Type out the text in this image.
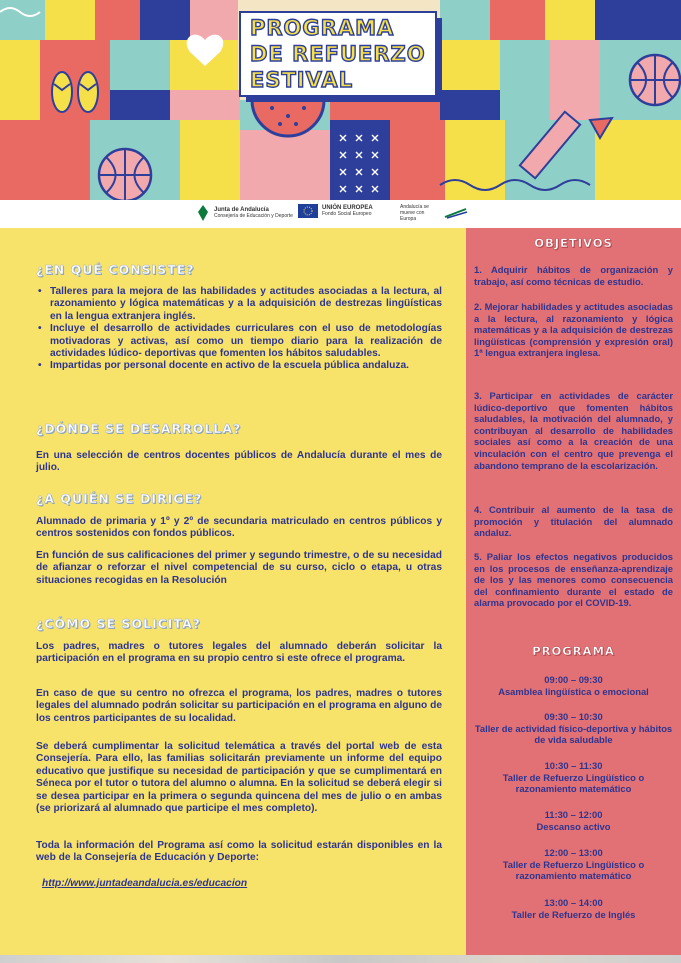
PROGRAMA
DE REFUERZO
ESTIVAL
Junta de Andalucía
Consejería de Educación y Deporte
UNIÓN EUROPEA
Fondo Social Europeo
Andalucía se mueve con Europa
¿EN QUÉ CONSISTE?
• Talleres para la mejora de las habilidades y actitudes asociadas a la lectura, al razonamiento y lógica matemáticas y a la adquisición de destrezas lingüísticas en la lengua extranjera inglés.
• Incluye el desarrollo de actividades curriculares con el uso de metodologías motivadoras y activas, así como un tiempo diario para la realización de actividades lúdico- deportivas que fomenten los hábitos saludables.
• Impartidas por personal docente en activo de la escuela pública andaluza.
¿DÓNDE SE DESARROLLA?
En una selección de centros docentes públicos de Andalucía durante el mes de julio.
¿A QUIÉN SE DIRIGE?
Alumnado de primaria y 1º y 2º de secundaria matriculado en centros públicos y centros sostenidos con fondos públicos.
En función de sus calificaciones del primer y segundo trimestre, o de su necesidad de afianzar o reforzar el nivel competencial de su curso, ciclo o etapa, u otras situaciones recogidas en la Resolución
¿CÓMO SE SOLICITA?
Los padres, madres o tutores legales del alumnado deberán solicitar la participación en el programa en su propio centro si este ofrece el programa.
En caso de que su centro no ofrezca el programa, los padres, madres o tutores legales del alumnado podrán solicitar su participación en el programa en alguno de los centros participantes de su localidad.
Se deberá cumplimentar la solicitud telemática a través del portal web de esta Consejería. Para ello, las familias solicitarán previamente un informe del equipo educativo que justifique su necesidad de participación y que se cumplimentará en Séneca por el tutor o tutora del alumno o alumna. En la solicitud se deberá elegir si se desea participar en la primera o segunda quincena del mes de julio o en ambas (se priorizará al alumnado que participe el mes completo).
Toda la información del Programa así como la solicitud estarán disponibles en la web de la Consejería de Educación y Deporte:
http://www.juntadeandalucia.es/educacion
OBJETIVOS
1. Adquirir hábitos de organización y trabajo, así como técnicas de estudio.
2. Mejorar habilidades y actitudes asociadas a la lectura, al razonamiento y lógica matemáticas y a la adquisición de destrezas lingüísticas (comprensión y expresión oral) 1ª lengua extranjera inglesa.
3. Participar en actividades de carácter lúdico-deportivo que fomenten hábitos saludables, la motivación del alumnado, y contribuyan al desarrollo de habilidades sociales así como a la creación de una vinculación con el centro que prevenga el abandono temprano de la escolarización.
4. Contribuir al aumento de la tasa de promoción y titulación del alumnado andaluz.
5. Paliar los efectos negativos producidos en los procesos de enseñanza-aprendizaje de los y las menores como consecuencia del confinamiento durante el estado de alarma provocado por el COVID-19.
PROGRAMA
09:00 – 09:30
Asamblea lingüística o emocional
09:30 – 10:30
Taller de actividad físico-deportiva y hábitos de vida saludable
10:30 – 11:30
Taller de Refuerzo Lingüístico o razonamiento matemático
11:30 – 12:00
Descanso activo
12:00 – 13:00
Taller de Refuerzo Lingüístico o razonamiento matemático
13:00 – 14:00
Taller de Refuerzo de Inglés
